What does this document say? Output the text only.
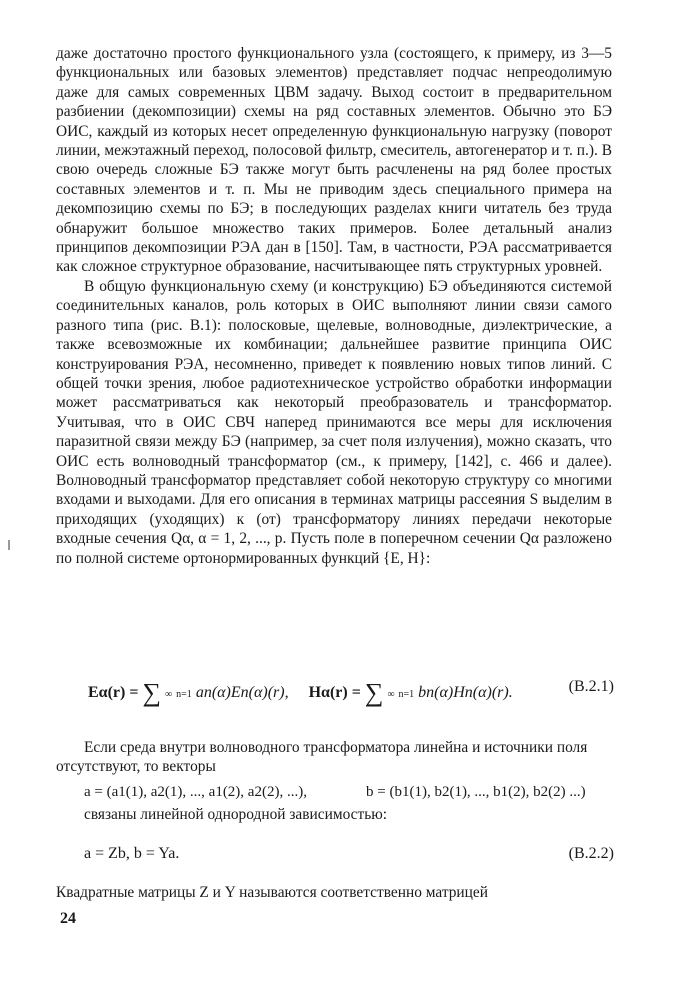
даже достаточно простого функционального узла (состоящего, к примеру, из 3—5 функциональных или базовых элементов) представляет подчас непреодолимую даже для самых современных ЦВМ задачу. Выход состоит в предварительном разбиении (декомпозиции) схемы на ряд составных элементов. Обычно это БЭ ОИС, каждый из которых несет определенную функциональную нагрузку (поворот линии, межэтажный переход, полосовой фильтр, смеситель, автогенератор и т. п.). В свою очередь сложные БЭ также могут быть расчленены на ряд более простых составных элементов и т. п. Мы не приводим здесь специального примера на декомпозицию схемы по БЭ; в последующих разделах книги читатель без труда обнаружит большое множество таких примеров. Более детальный анализ принципов декомпозиции РЭА дан в [150]. Там, в частности, РЭА рассматривается как сложное структурное образование, насчитывающее пять структурных уровней.

В общую функциональную схему (и конструкцию) БЭ объединяются системой соединительных каналов, роль которых в ОИС выполняют линии связи самого разного типа (рис. В.1): полосковые, щелевые, волноводные, диэлектрические, а также всевозможные их комбинации; дальнейшее развитие принципа ОИС конструирования РЭА, несомненно, приведет к появлению новых типов линий. С общей точки зрения, любое радиотехническое устройство обработки информации может рассматриваться как некоторый преобразователь и трансформатор. Учитывая, что в ОИС СВЧ наперед принимаются все меры для исключения паразитной связи между БЭ (например, за счет поля излучения), можно сказать, что ОИС есть волноводный трансформатор (см., к примеру, [142], с. 466 и далее). Волноводный трансформатор представляет собой некоторую структуру со многими входами и выходами. Для его описания в терминах матрицы рассеяния S выделим в приходящих (уходящих) к (от) трансформатору линиях передачи некоторые входные сечения Qα, α = 1, 2, ..., p. Пусть поле в поперечном сечении Qα разложено по полной системе ортонормированных функций {E, H}:

Eα(r) = ∑ ∞ n=1 an(α)En(α)(r), Hα(r) = ∑ ∞ n=1 bn(α)Hn(α)(r).	(B.2.1)
Если среда внутри волноводного трансформатора линейна и источники поля отсутствуют, то векторы
a = (a1(1), a2(1), ..., a1(2), a2(2), ...),	b = (b1(1), b2(1), ..., b1(2), b2(2) ...)
связаны линейной однородной зависимостью:
a = Zb, b = Ya.	(B.2.2)
Квадратные матрицы Z и Y называются соответственно матрицей
24
